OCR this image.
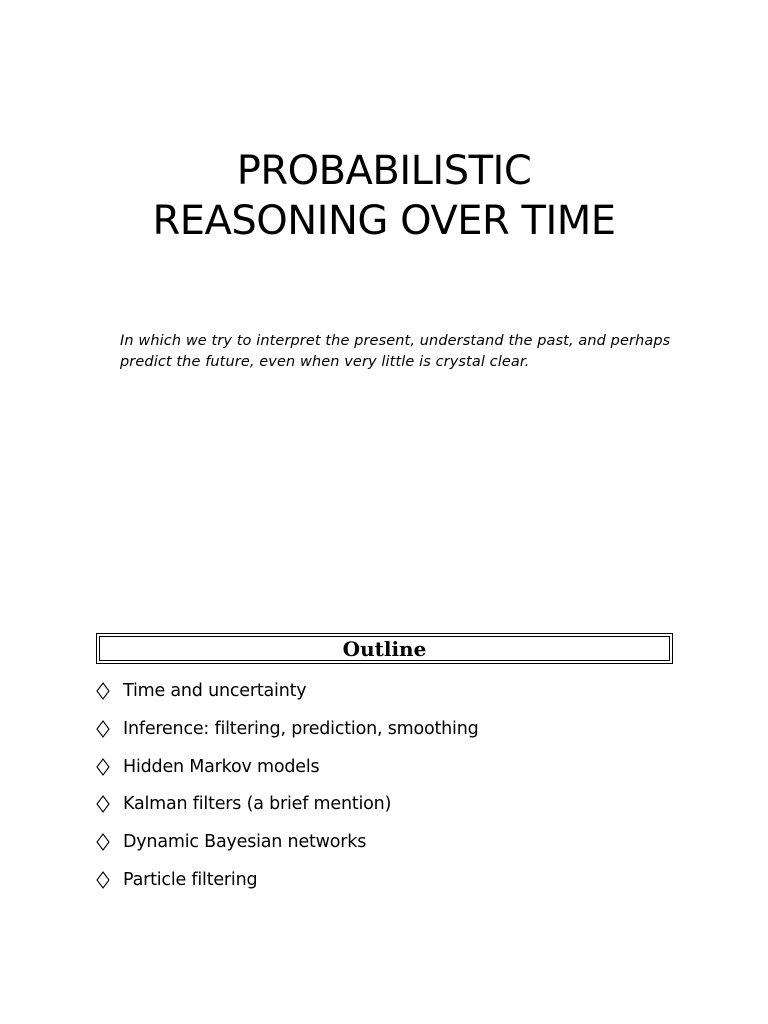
PROBABILISTIC
REASONING OVER TIME

In which we try to interpret the present, understand the past, and perhaps
predict the future, even when very little is crystal clear.

Outline
Time and uncertainty
Inference: filtering, prediction, smoothing
Hidden Markov models
Kalman filters (a brief mention)
Dynamic Bayesian networks
Particle filtering
